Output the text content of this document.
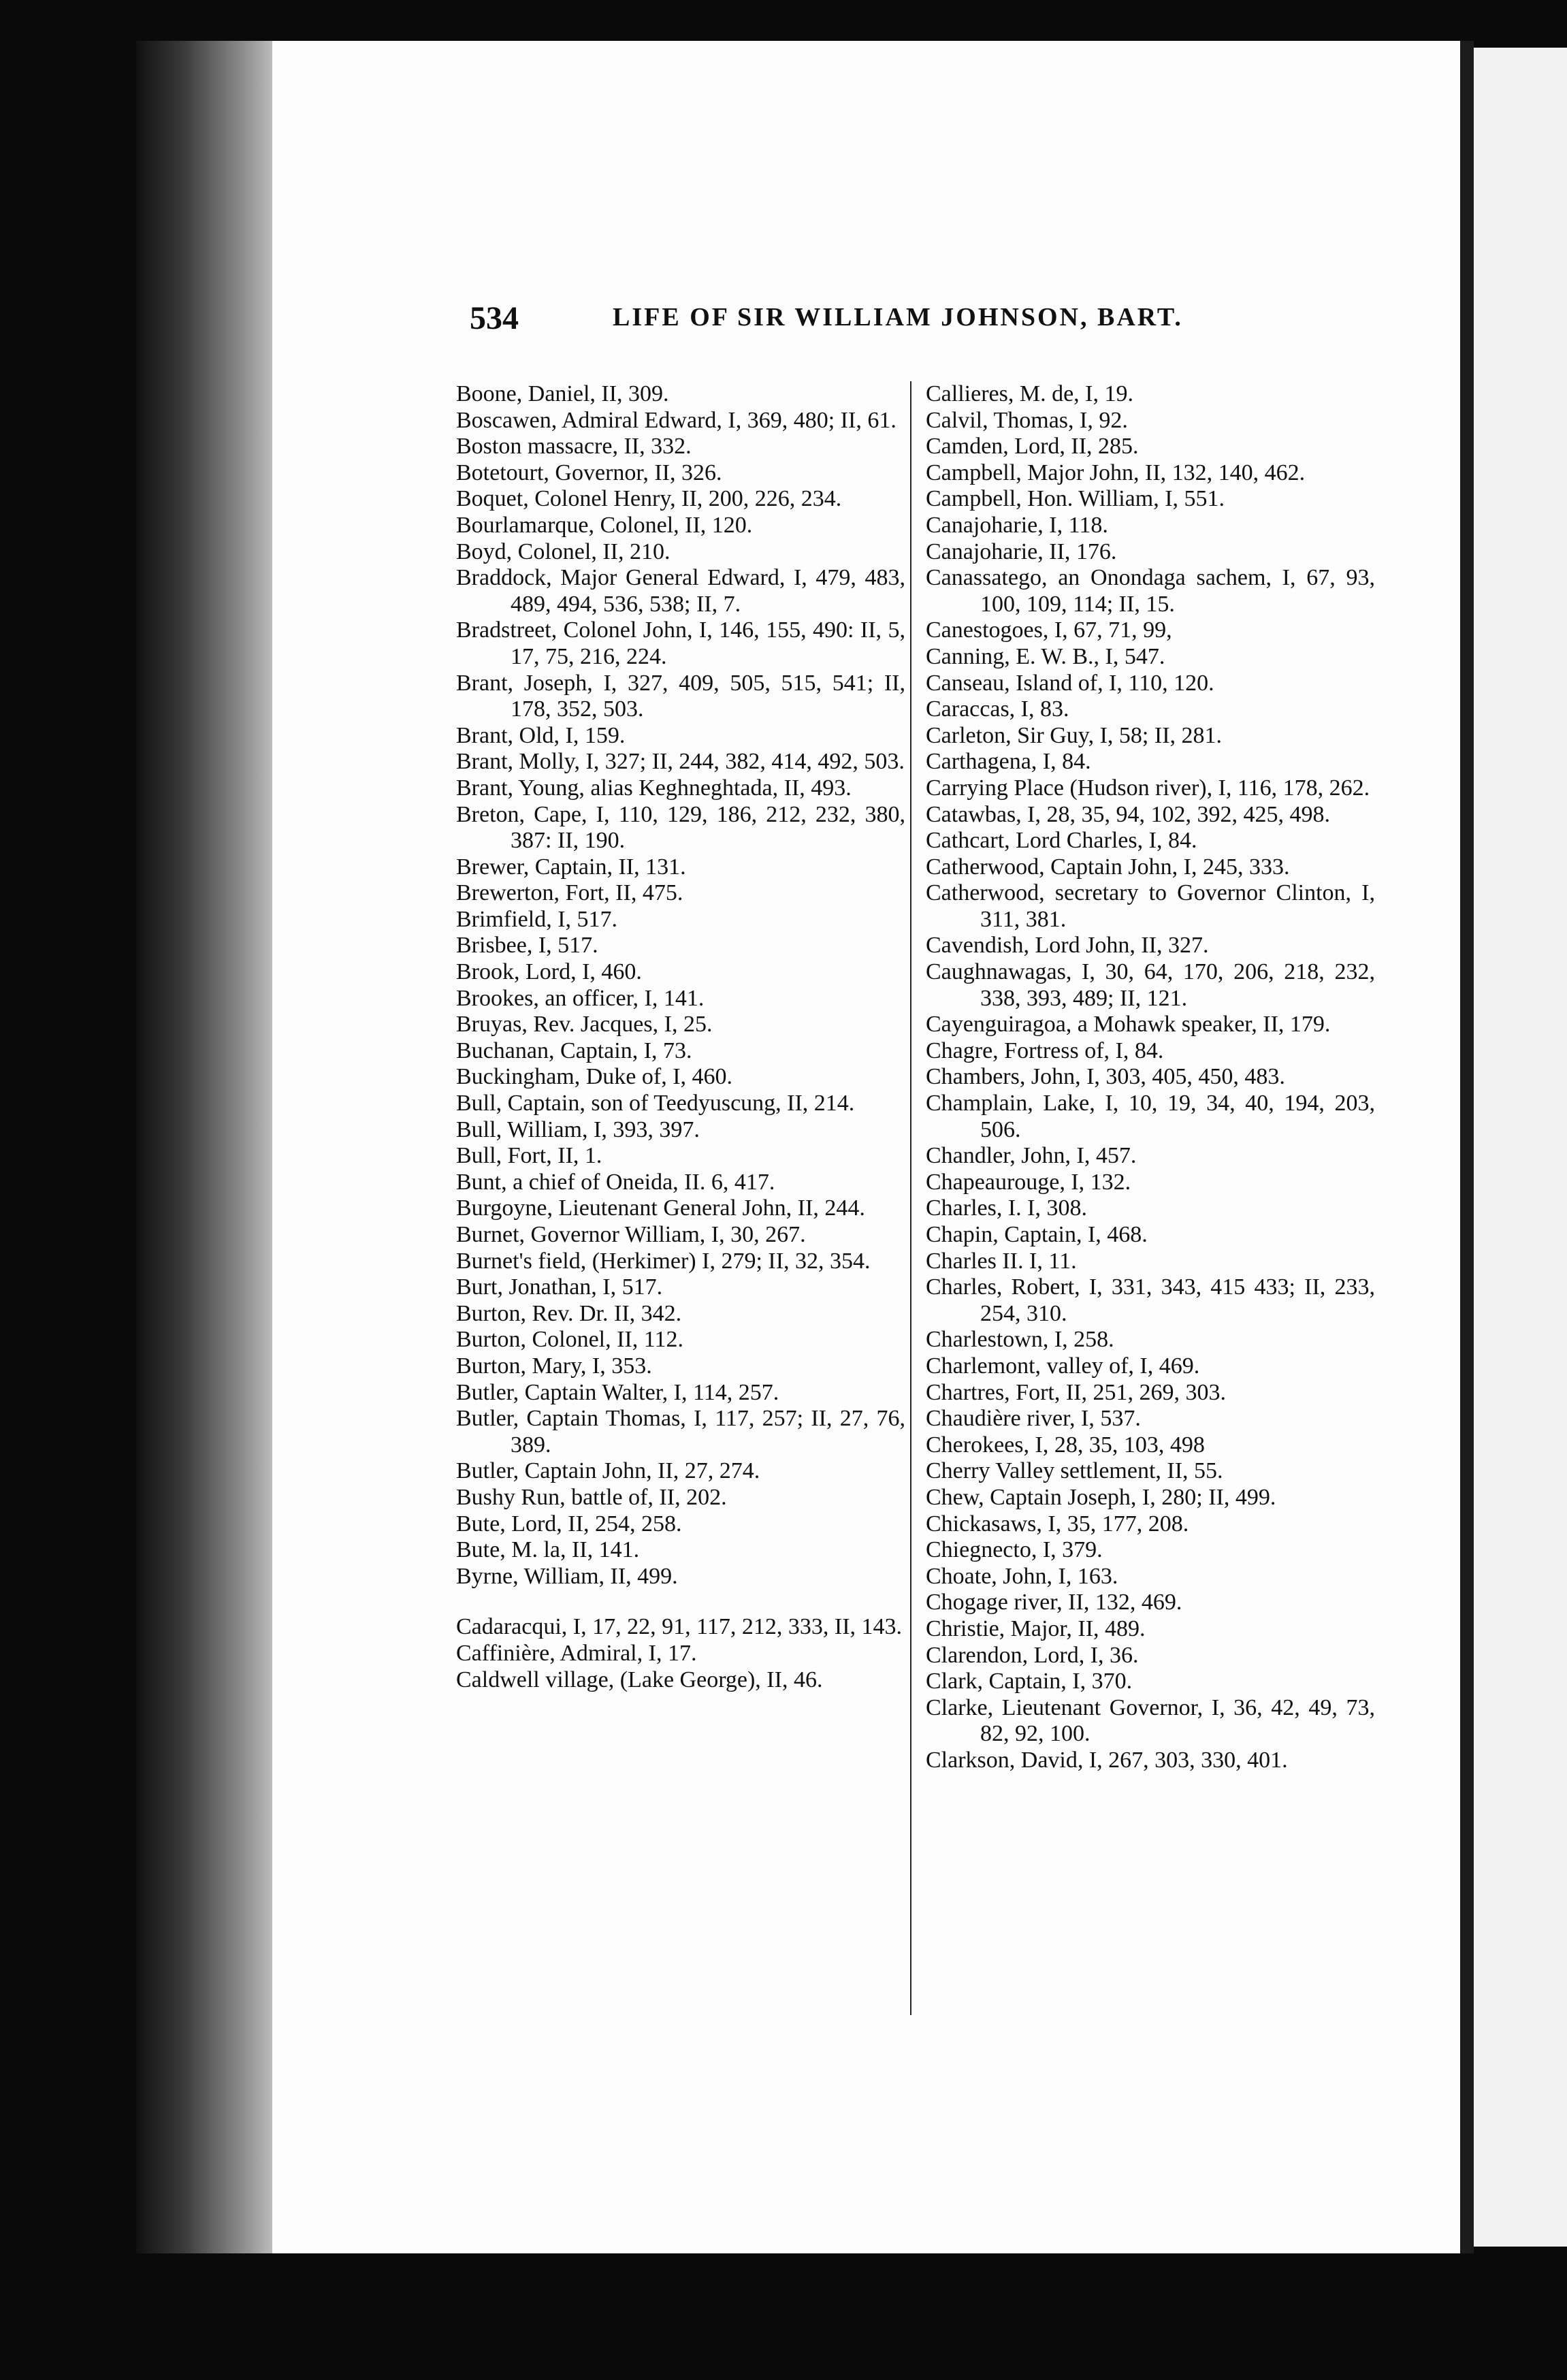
534	LIFE OF SIR WILLIAM JOHNSON, BART.

Boone, Daniel, II, 309.

Boscawen, Admiral Edward, I, 369, 480; II, 61.

Boston massacre, II, 332.

Botetourt, Governor, II, 326.

Boquet, Colonel Henry, II, 200, 226, 234.

Bourlamarque, Colonel, II, 120.

Boyd, Colonel, II, 210.

Braddock, Major General Edward, I, 479, 483, 489, 494, 536, 538; II, 7.

Bradstreet, Colonel John, I, 146, 155, 490: II, 5, 17, 75, 216, 224.

Brant, Joseph, I, 327, 409, 505, 515, 541; II, 178, 352, 503.

Brant, Old, I, 159.

Brant, Molly, I, 327; II, 244, 382, 414, 492, 503.

Brant, Young, alias Keghneghtada, II, 493.

Breton, Cape, I, 110, 129, 186, 212, 232, 380, 387: II, 190.

Brewer, Captain, II, 131.

Brewerton, Fort, II, 475.

Brimfield, I, 517.

Brisbee, I, 517.

Brook, Lord, I, 460.

Brookes, an officer, I, 141.

Bruyas, Rev. Jacques, I, 25.

Buchanan, Captain, I, 73.

Buckingham, Duke of, I, 460.

Bull, Captain, son of Teedyuscung, II, 214.

Bull, William, I, 393, 397.

Bull, Fort, II, 1.

Bunt, a chief of Oneida, II. 6, 417.

Burgoyne, Lieutenant General John, II, 244.

Burnet, Governor William, I, 30, 267.

Burnet's field, (Herkimer) I, 279; II, 32, 354.

Burt, Jonathan, I, 517.

Burton, Rev. Dr. II, 342.

Burton, Colonel, II, 112.

Burton, Mary, I, 353.

Butler, Captain Walter, I, 114, 257.

Butler, Captain Thomas, I, 117, 257; II, 27, 76, 389.

Butler, Captain John, II, 27, 274.

Bushy Run, battle of, II, 202.

Bute, Lord, II, 254, 258.

Bute, M. la, II, 141.

Byrne, William, II, 499.

Cadaracqui, I, 17, 22, 91, 117, 212, 333, II, 143.

Caffinière, Admiral, I, 17.

Caldwell village, (Lake George), II, 46.

Callieres, M. de, I, 19.

Calvil, Thomas, I, 92.

Camden, Lord, II, 285.

Campbell, Major John, II, 132, 140, 462.

Campbell, Hon. William, I, 551.

Canajoharie, I, 118.

Canajoharie, II, 176.

Canassatego, an Onondaga sachem, I, 67, 93, 100, 109, 114; II, 15.

Canestogoes, I, 67, 71, 99,

Canning, E. W. B., I, 547.

Canseau, Island of, I, 110, 120.

Caraccas, I, 83.

Carleton, Sir Guy, I, 58; II, 281.

Carthagena, I, 84.

Carrying Place (Hudson river), I, 116, 178, 262.

Catawbas, I, 28, 35, 94, 102, 392, 425, 498.

Cathcart, Lord Charles, I, 84.

Catherwood, Captain John, I, 245, 333.

Catherwood, secretary to Governor Clinton, I, 311, 381.

Cavendish, Lord John, II, 327.

Caughnawagas, I, 30, 64, 170, 206, 218, 232, 338, 393, 489; II, 121.

Cayenguiragoa, a Mohawk speaker, II, 179.

Chagre, Fortress of, I, 84.

Chambers, John, I, 303, 405, 450, 483.

Champlain, Lake, I, 10, 19, 34, 40, 194, 203, 506.

Chandler, John, I, 457.

Chapeaurouge, I, 132.

Charles, I. I, 308.

Chapin, Captain, I, 468.

Charles II. I, 11.

Charles, Robert, I, 331, 343, 415 433; II, 233, 254, 310.

Charlestown, I, 258.

Charlemont, valley of, I, 469.

Chartres, Fort, II, 251, 269, 303.

Chaudière river, I, 537.

Cherokees, I, 28, 35, 103, 498

Cherry Valley settlement, II, 55.

Chew, Captain Joseph, I, 280; II, 499.

Chickasaws, I, 35, 177, 208.

Chiegnecto, I, 379.

Choate, John, I, 163.

Chogage river, II, 132, 469.

Christie, Major, II, 489.

Clarendon, Lord, I, 36.

Clark, Captain, I, 370.

Clarke, Lieutenant Governor, I, 36, 42, 49, 73, 82, 92, 100.

Clarkson, David, I, 267, 303, 330, 401.
